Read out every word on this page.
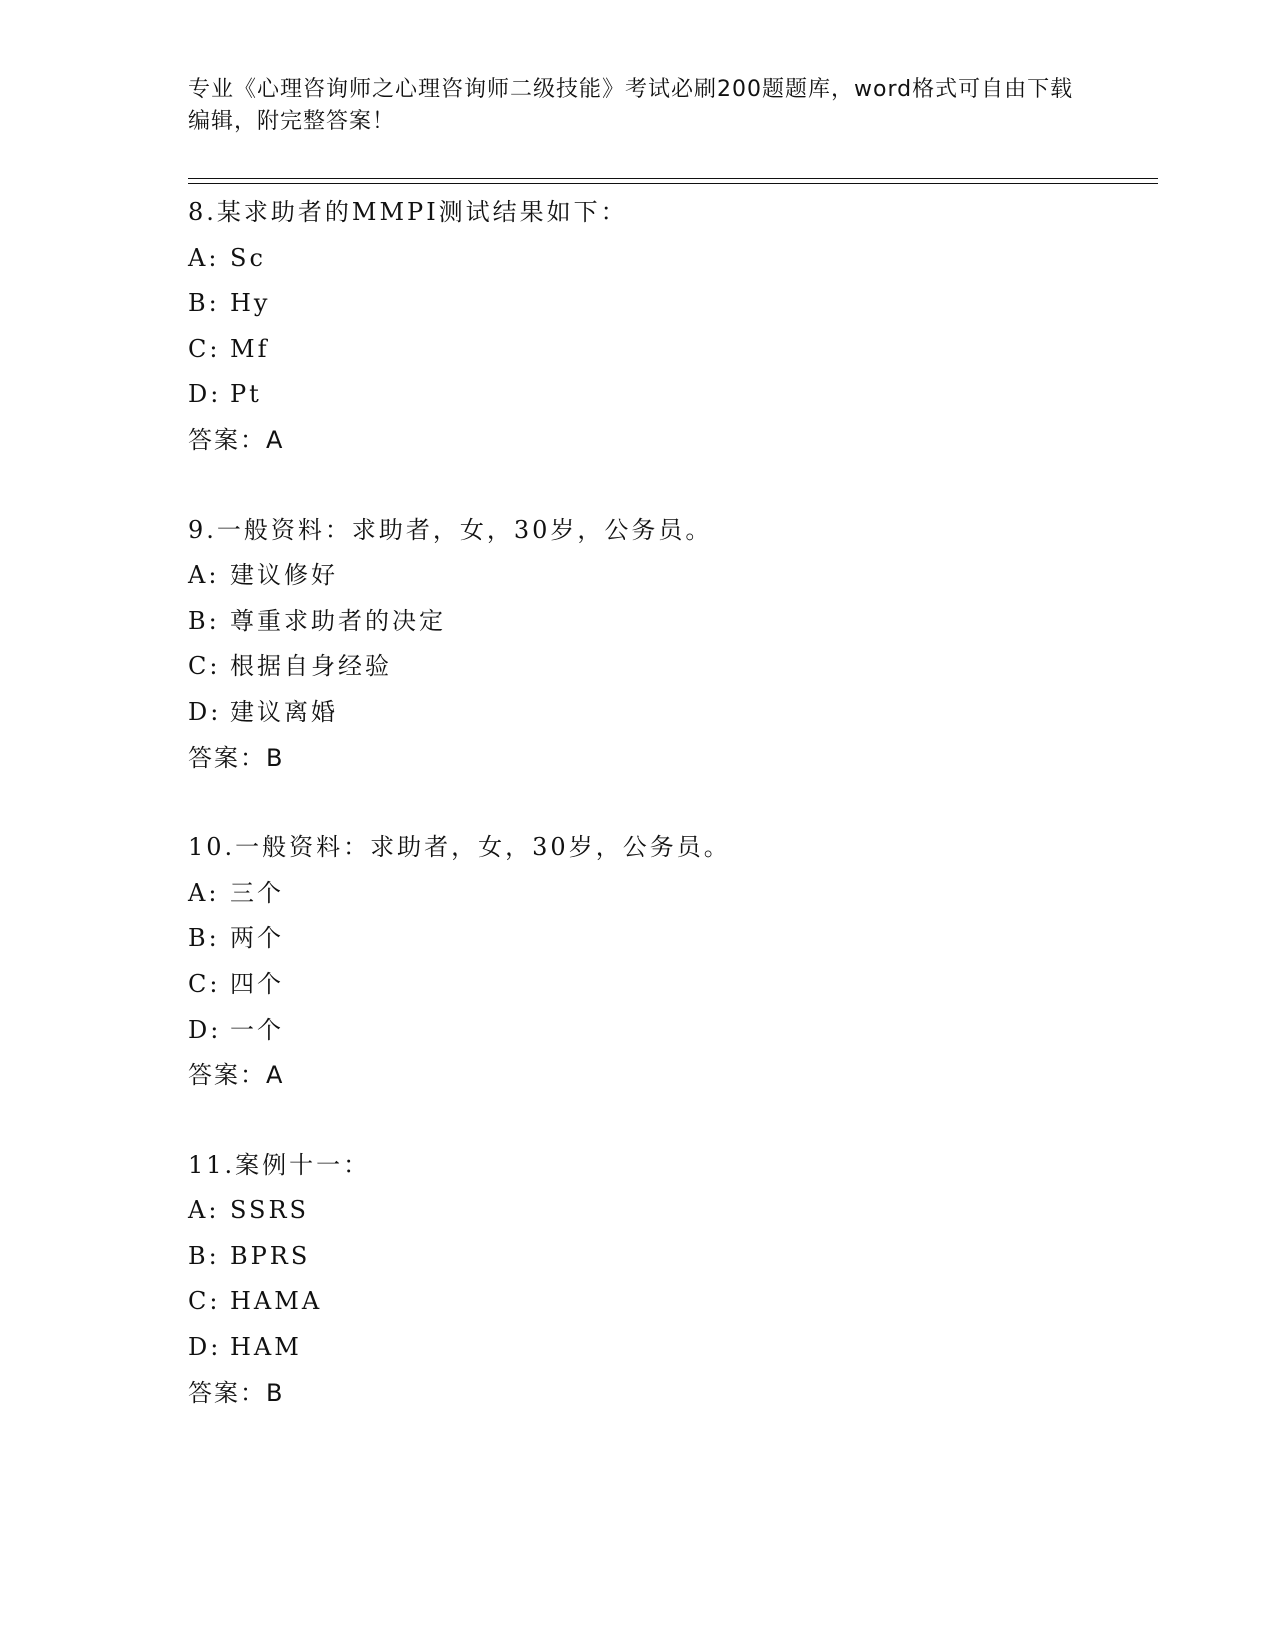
专业《心理咨询师之心理咨询师二级技能》考试必刷200题题库，word格式可自由下载编辑，附完整答案！
8.某求助者的MMPI测试结果如下：
A: Sc
B: Hy
C: Mf
D: Pt
答案：A
9.一般资料：求助者，女，30岁，公务员。
A: 建议修好
B: 尊重求助者的决定
C: 根据自身经验
D: 建议离婚
答案：B
10.一般资料：求助者，女，30岁，公务员。
A: 三个
B: 两个
C: 四个
D: 一个
答案：A
11.案例十一：
A: SSRS
B: BPRS
C: HAMA
D: HAM
答案：B
